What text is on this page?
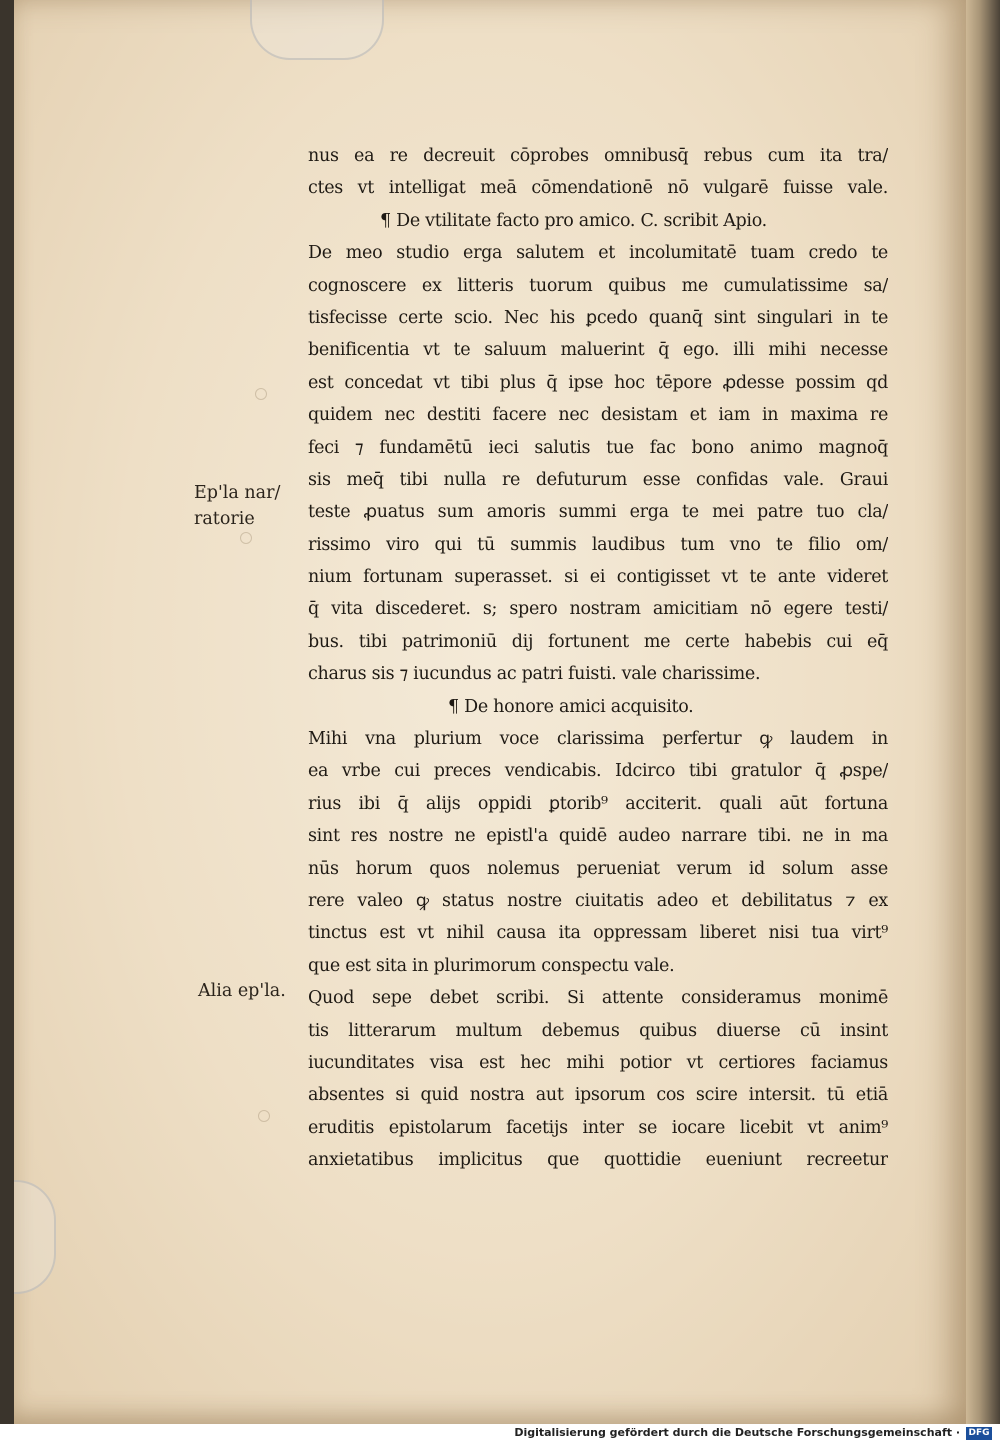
Ep'la nar/
ratorie
Alia ep'la.
nus ea re decreuit cōprobes omnibusq̄ rebus cum ita tra/
ctes vt intelligat meā cōmendationē nō vulgarē fuisse vale.
¶ De vtilitate facto pro amico. C. scribit Apio.
De meo studio erga salutem et incolumitatē tuam credo te
cognoscere ex litteris tuorum quibus me cumulatissime sa/
tisfecisse certe scio. Nec his ꝑcedo quanq̄ sint singulari in te
benificentia vt te saluum maluerint q̄ ego. illi mihi necesse
est concedat vt tibi plus q̄ ipse hoc tēpore ꝓdesse possim qd
quidem nec destiti facere nec desistam et iam in maxima re
feci ⁊ fundamētū ieci salutis tue fac bono animo magnoq̄
sis meq̄ tibi nulla re defuturum esse confidas vale. Graui
teste ꝓuatus sum amoris summi erga te mei patre tuo cla/
rissimo viro qui tū summis laudibus tum vno te filio om/
nium fortunam superasset. si ei contigisset vt te ante videret
q̄ vita discederet. s; spero nostram amicitiam nō egere testi/
bus. tibi patrimoniū dij fortunent me certe habebis cui eq̄
charus sis ⁊ iucundus ac patri fuisti. vale charissime.
¶ De honore amici acquisito.
Mihi vna plurium voce clarissima perfertur ꝙ laudem in
ea vrbe cui preces vendicabis. Idcirco tibi gratulor q̄ ꝓspe/
rius ibi q̄ alijs oppidi ꝑtorib⁹ acciterit. quali aūt fortuna
sint res nostre ne epistl'a quidē audeo narrare tibi. ne in ma
nūs horum quos nolemus perueniat verum id solum asse
rere valeo ꝙ status nostre ciuitatis adeo et debilitatus ⁊ ex
tinctus est vt nihil causa ita oppressam liberet nisi tua virt⁹
que est sita in plurimorum conspectu vale.
Quod sepe debet scribi. Si attente consideramus monimē
tis litterarum multum debemus quibus diuerse cū insint
iucunditates visa est hec mihi potior vt certiores faciamus
absentes si quid nostra aut ipsorum cos scire intersit. tū etiā
eruditis epistolarum facetijs inter se iocare licebit vt anim⁹
anxietatibus implicitus que quottidie eueniunt recreetur
Digitalisierung gefördert durch die Deutsche Forschungsgemeinschaft · DFG
